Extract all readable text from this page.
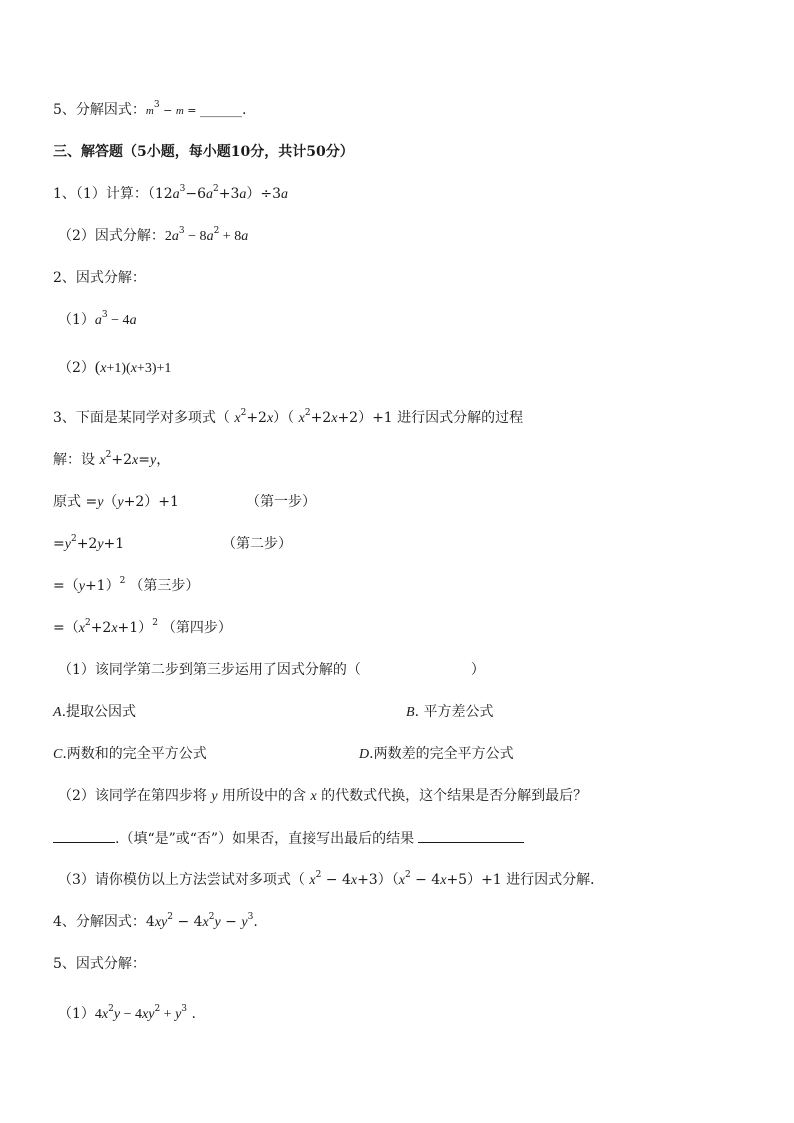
5、分解因式：$m^3 - m$ = ______.
三、解答题（5小题，每小题10分，共计50分）
1、（1）计算：$(12a^3-6a^2+3a)\div 3a$
（2）因式分解：$2a^3 - 8a^2 + 8a$
2、因式分解：
$(1)a^3 - 4a$
（2）(x+1)(x+3)+1
3、下面是某同学对多项式（ $x^2+2x$）（ $x^2+2x+2)+1$ 进行因式分解的过程
解：设 $x^2+2x=y$，
原式 =y（y+2）+1	（第一步）
$=y^2+2y+1$	（第二步）
$=(y+1)^2$ （第三步）
$=(x^2+2x+1)^2$ （第四步）
（1）该同学第二步到第三步运用了因式分解的（	）
A.提取公因式	B. 平方差公式
C.两数和的完全平方公式	D.两数差的完全平方公式
（2）该同学在第四步将 y 用所设中的含 x 的代数式代换，这个结果是否分解到最后？
.（填“是”或“否”）如果否，直接写出最后的结果
（3）请你模仿以上方法尝试对多项式（ $x^2 - 4x+3)(x^2 - 4x+5)+1$ 进行因式分解．
4、分解因式：$4xy^2 - 4x^2y - y^3$.
5、因式分解：
$(1)4x^2y - 4xy^2 + y^3$ .
